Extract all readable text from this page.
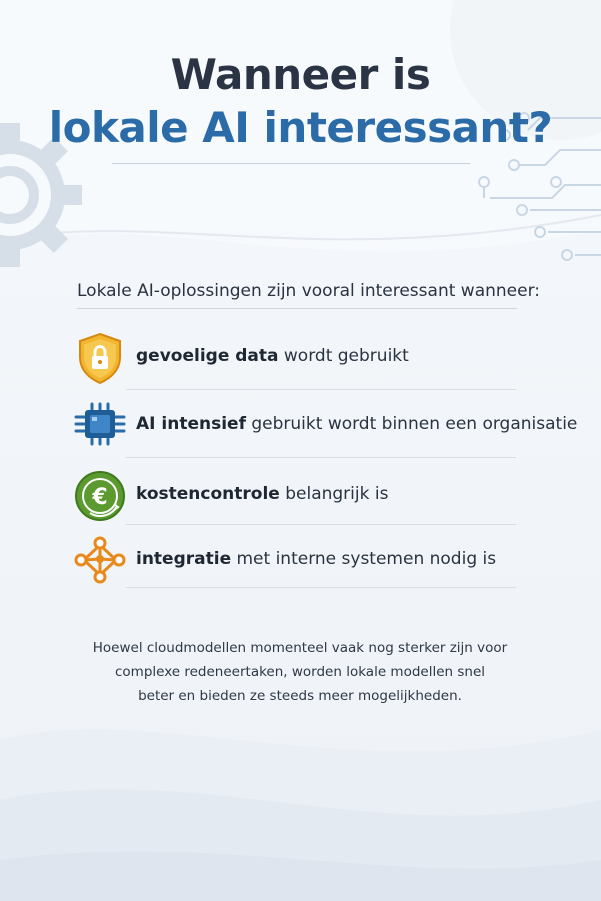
Wanneer is
lokale AI interessant?
Lokale AI-oplossingen zijn vooral interessant wanneer:
gevoelige data wordt gebruikt
AI intensief gebruikt wordt binnen een organisatie
€ kostencontrole belangrijk is
integratie met interne systemen nodig is
Hoewel cloudmodellen momenteel vaak nog sterker zijn voor
complexe redeneertaken, worden lokale modellen snel
beter en bieden ze steeds meer mogelijkheden.
